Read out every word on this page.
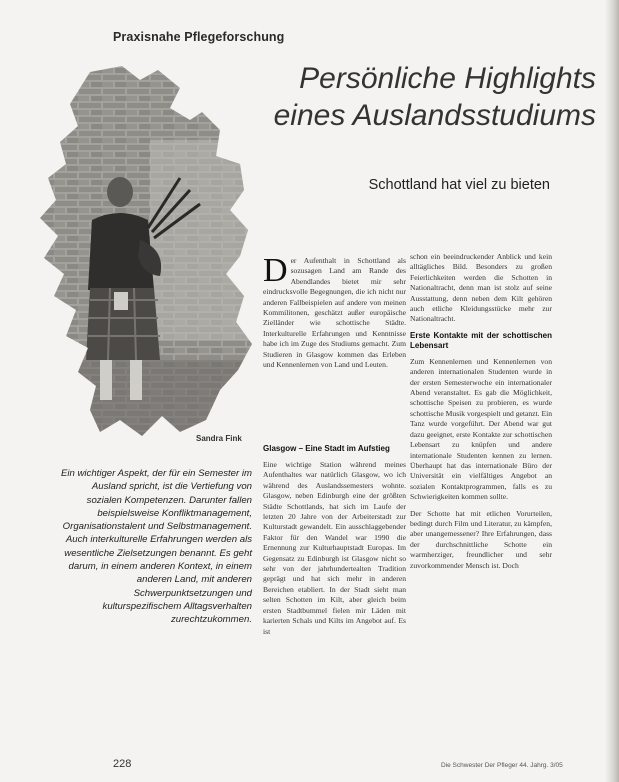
Praxisnahe Pflegeforschung
Persönliche Highlights
eines Auslandsstudiums
Schottland hat viel zu bieten
Sandra Fink
Ein wichtiger Aspekt, der für ein Semester im Ausland spricht, ist die Vertiefung von sozialen Kompetenzen. Darunter fallen beispielsweise Konfliktmanagement, Organisationstalent und Selbstmanagement. Auch interkulturelle Erfahrungen werden als wesentliche Zielsetzungen benannt. Es geht darum, in einem anderen Kontext, in einem anderen Land, mit anderen Schwerpunktsetzungen und kulturspezifischem Alltagsverhalten zurechtzukommen.
Der Aufenthalt in Schottland als sozusagen Land am Rande des Abendlandes bietet mir sehr eindrucksvolle Begegnungen, die ich nicht nur anderen Fallbeispielen auf andere von meinen Kommilitonen, geschätzt außer europäische Zielländer wie schottische Städte. Interkulturelle Erfahrungen und Kenntnisse habe ich im Zuge des Studiums gemacht. Zum Studieren in Glasgow kommen das Erleben und Kennenlernen von Land und Leuten.
Glasgow – Eine Stadt im Aufstieg
Eine wichtige Station während meines Aufenthaltes war natürlich Glasgow, wo ich während des Auslandssemesters wohnte. Glasgow, neben Edinburgh eine der größten Städte Schottlands, hat sich im Laufe der letzten 20 Jahre von der Arbeiterstadt zur Kulturstadt gewandelt. Ein ausschlaggebender Faktor für den Wandel war 1990 die Ernennung zur Kulturhauptstadt Europas. Im Gegensatz zu Edinburgh ist Glasgow nicht so sehr von der jahrhundertealten Tradition geprägt und hat sich mehr in anderen Bereichen etabliert. In der Stadt sieht man selten Schotten im Kilt, aber gleich beim ersten Stadtbummel fielen mir Läden mit karierten Schals und Kilts im Angebot auf. Es ist
schon ein beeindruckender Anblick und kein alltägliches Bild. Besonders zu großen Feierlichkeiten werden die Schotten in Nationaltracht, denn man ist stolz auf seine Ausstattung, denn neben dem Kilt gehören auch etliche Kleidungsstücke mehr zur Nationaltracht.
Erste Kontakte mit der schottischen Lebensart
Zum Kennenlernen und Kennenlernen von anderen internationalen Studenten wurde in der ersten Semesterwoche ein internationaler Abend veranstaltet. Es gab die Möglichkeit, schottische Speisen zu probieren, es wurde schottische Musik vorgespielt und getanzt. Ein Tanz wurde vorgeführt. Der Abend war gut dazu geeignet, erste Kontakte zur schottischen Lebensart zu knüpfen und andere internationale Studenten kennen zu lernen. Überhaupt hat das internationale Büro der Universität ein vielfältiges Angebot an sozialen Kontaktprogrammen, falls es zu Schwierigkeiten kommen sollte.
Der Schotte hat mit etlichen Vorurteilen, bedingt durch Film und Literatur, zu kämpfen, aber unangemessener? Ihre Erfahrungen, dass der durchschnittliche Schotte ein warmherziger, freundlicher und sehr zuvorkommender Mensch ist. Doch
228	Die Schwester Der Pfleger 44. Jahrg. 3/05
